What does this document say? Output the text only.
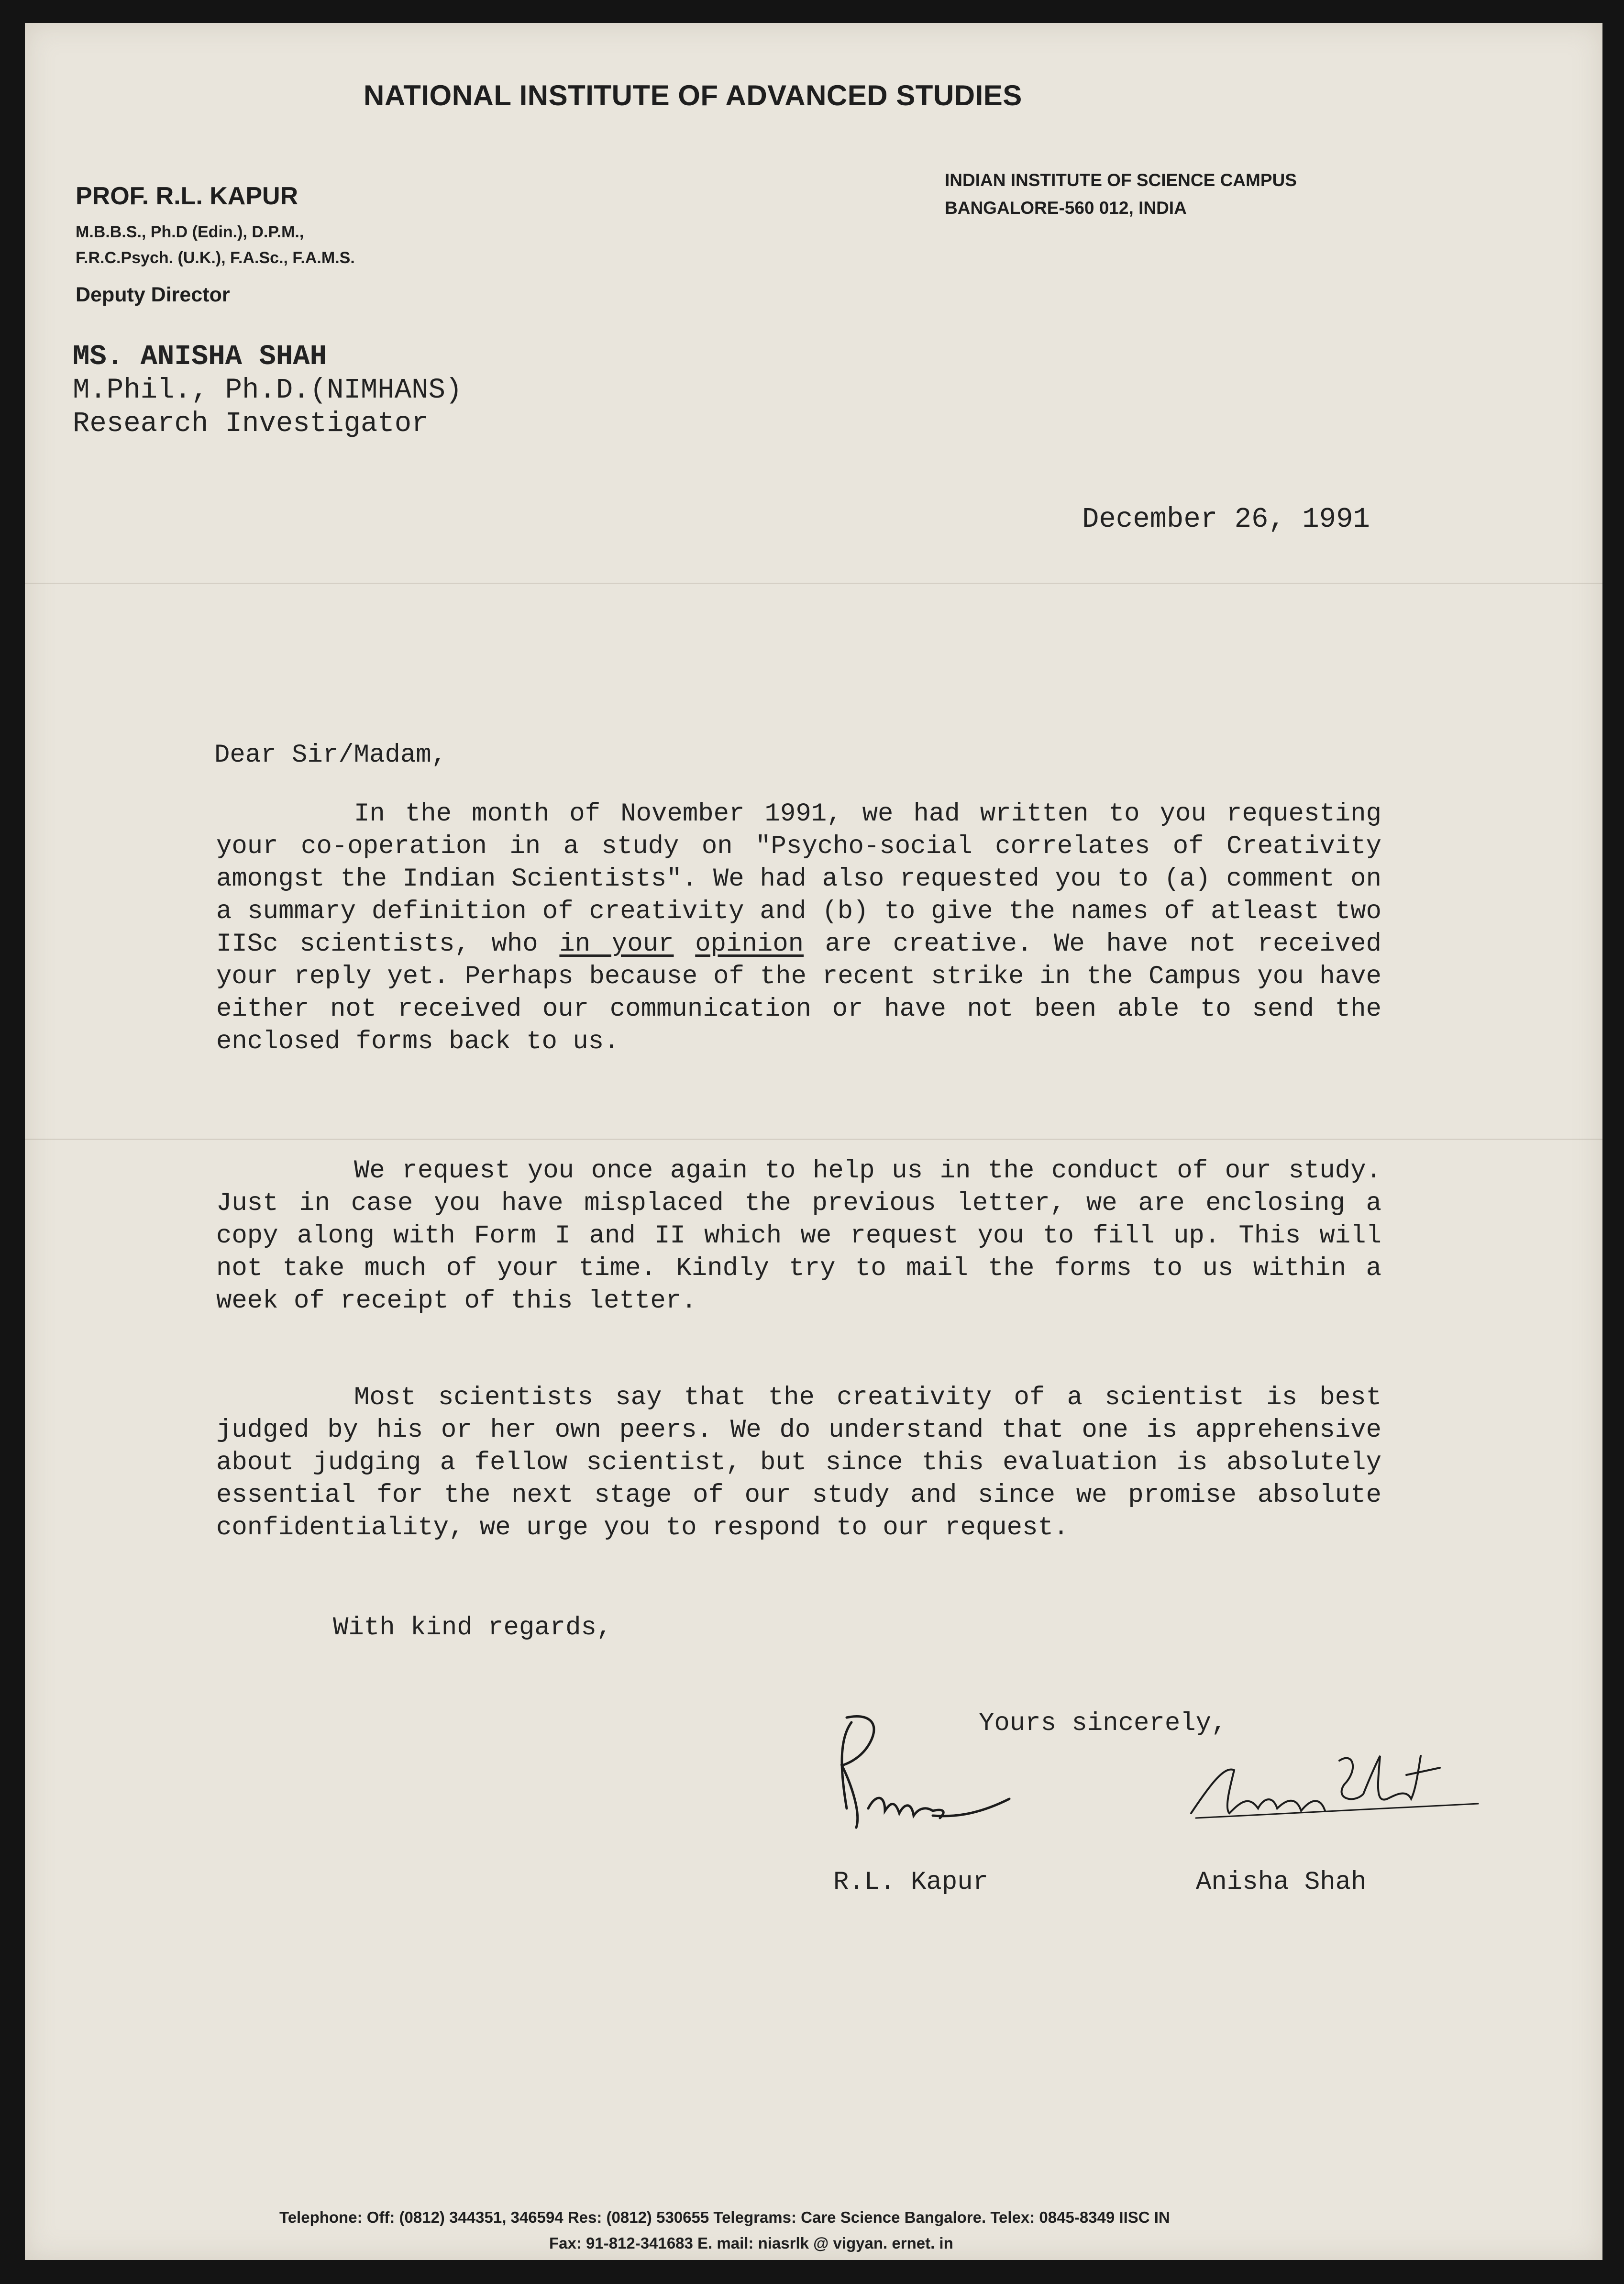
NATIONAL INSTITUTE OF ADVANCED STUDIES
PROF. R.L. KAPUR
M.B.B.S., Ph.D (Edin.), D.P.M.,
F.R.C.Psych. (U.K.), F.A.Sc., F.A.M.S.
Deputy Director
INDIAN INSTITUTE OF SCIENCE CAMPUS
BANGALORE-560 012, INDIA
MS. ANISHA SHAH
M.Phil., Ph.D.(NIMHANS)
Research Investigator
December 26, 1991
Dear Sir/Madam,
In the month of November 1991, we had written to you requesting your co-operation in a study on "Psycho-social correlates of Creativity amongst the Indian Scientists". We had also requested you to (a) comment on a summary definition of creativity and (b) to give the names of atleast two IISc scientists, who in your opinion are creative. We have not received your reply yet. Perhaps because of the recent strike in the Campus you have either not received our communication or have not been able to send the enclosed forms back to us.
We request you once again to help us in the conduct of our study. Just in case you have misplaced the previous letter, we are enclosing a copy along with Form I and II which we request you to fill up. This will not take much of your time. Kindly try to mail the forms to us within a week of receipt of this letter.
Most scientists say that the creativity of a scientist is best judged by his or her own peers. We do understand that one is apprehensive about judging a fellow scientist, but since this evaluation is absolutely essential for the next stage of our study and since we promise absolute confidentiality, we urge you to respond to our request.
With kind regards,
Yours sincerely,
R.L. Kapur	Anisha Shah
Telephone: Off: (0812) 344351, 346594 Res: (0812) 530655 Telegrams: Care Science Bangalore. Telex: 0845-8349 IISC IN
Fax: 91-812-341683 E. mail: niasrlk @ vigyan. ernet. in
